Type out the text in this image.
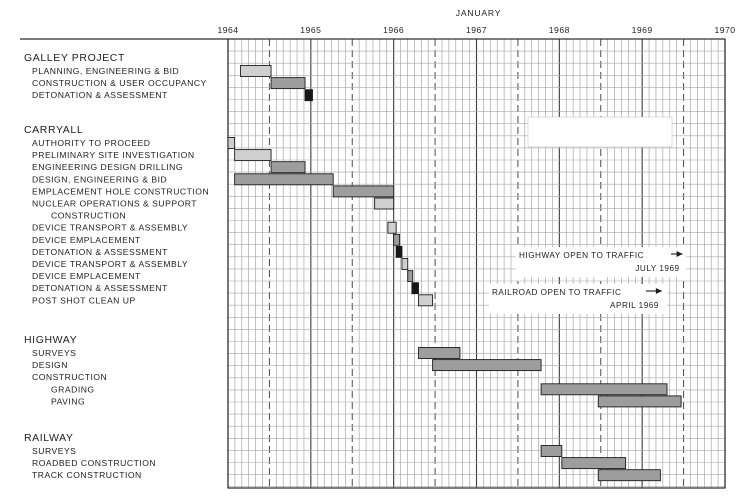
GALLEY PROJECT
CARRYALL
HIGHWAY
RAILWAY
PLANNING, ENGINEERING & BID
CONSTRUCTION & USER OCCUPANCY
DETONATION & ASSESSMENT
AUTHORITY TO PROCEED
PRELIMINARY SITE INVESTIGATION
ENGINEERING DESIGN DRILLING
DESIGN, ENGINEERING & BID
EMPLACEMENT HOLE CONSTRUCTION
NUCLEAR OPERATIONS & SUPPORT
CONSTRUCTION
DEVICE TRANSPORT & ASSEMBLY
DEVICE EMPLACEMENT
DETONATION & ASSESSMENT
DEVICE TRANSPORT & ASSEMBLY
DEVICE EMPLACEMENT
DETONATION & ASSESSMENT
POST SHOT CLEAN UP
SURVEYS
DESIGN
CONSTRUCTION
GRADING
PAVING
SURVEYS
ROADBED CONSTRUCTION
TRACK CONSTRUCTION
JANUARY
1964	1965	1966	1967	1968	1969	1970
HIGHWAY OPEN TO TRAFFIC
JULY 1969
RAILROAD OPEN TO TRAFFIC
APRIL 1969
